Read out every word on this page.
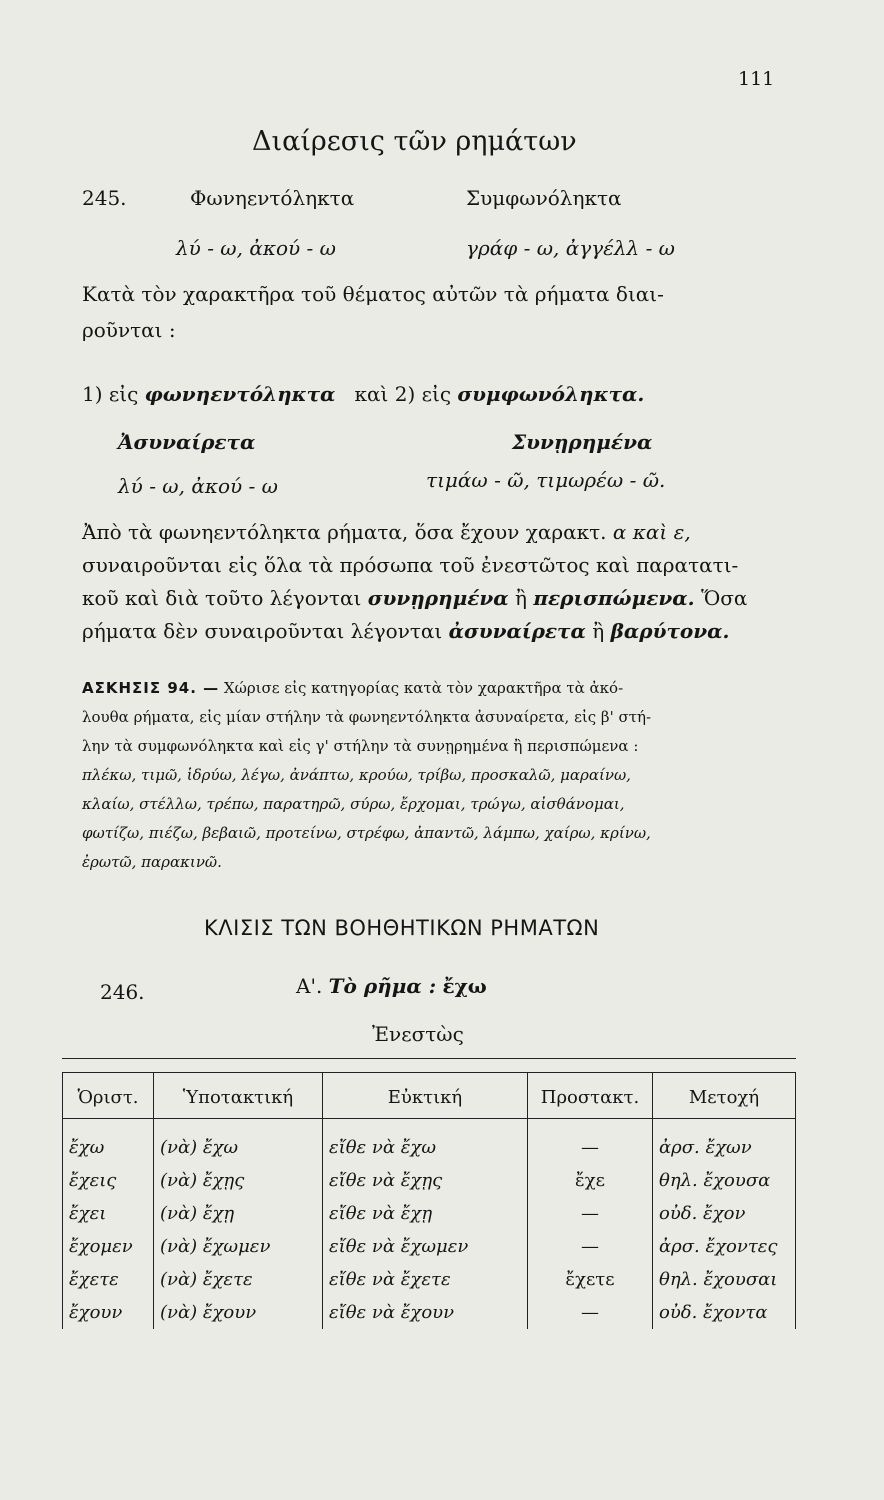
111
Διαίρεσις τῶν ρημάτων
245.	Φωνηεντόληκτα	Συμφωνόληκτα
λύ - ω, ἀκού - ω	γράφ - ω, ἀγγέλλ - ω
Κατὰ τὸν χαρακτῆρα τοῦ θέματος αὐτῶν τὰ ρήματα διαι-
ροῦνται :
1) εἰς φωνηεντόληκτα καὶ 2) εἰς συμφωνόληκτα.
Ἀσυναίρετα	Συνῃρημένα
λύ - ω, ἀκού - ω	τιμάω - ῶ, τιμωρέω - ῶ.
Ἀπὸ τὰ φωνηεντόληκτα ρήματα, ὅσα ἔχουν χαρακτ. α καὶ ε,
συναιροῦνται εἰς ὅλα τὰ πρόσωπα τοῦ ἐνεστῶτος καὶ παρατατι-
κοῦ καὶ διὰ τοῦτο λέγονται συνῃρημένα ἢ περισπώμενα. Ὅσα
ρήματα δὲν συναιροῦνται λέγονται ἀσυναίρετα ἢ βαρύτονα.
ΑΣΚΗΣΙΣ 94. — Χώρισε εἰς κατηγορίας κατὰ τὸν χαρακτῆρα τὰ ἀκό-
λουθα ρήματα, εἰς μίαν στήλην τὰ φωνηεντόληκτα ἀσυναίρετα, εἰς β' στή-
λην τὰ συμφωνόληκτα καὶ εἰς γ' στήλην τὰ συνῃρημένα ἢ περισπώμενα :
πλέκω, τιμῶ, ἱδρύω, λέγω, ἀνάπτω, κρούω, τρίβω, προσκαλῶ, μαραίνω,
κλαίω, στέλλω, τρέπω, παρατηρῶ, σύρω, ἔρχομαι, τρώγω, αἰσθάνομαι,
φωτίζω, πιέζω, βεβαιῶ, προτείνω, στρέφω, ἀπαντῶ, λάμπω, χαίρω, κρίνω,
ἐρωτῶ, παρακινῶ.
ΚΛΙΣΙΣ ΤΩΝ ΒΟΗΘΗΤΙΚΩΝ ΡΗΜΑΤΩΝ
246.	Α'. Τὸ ρῆμα : ἔχω
Ἐνεστὼς
Ὁριστ.	Ὑποτακτική	Εὐκτική	Προστακτ.	Μετοχή
ἔχω	(νὰ) ἔχω	εἴθε νὰ ἔχω	—	ἀρσ. ἔχων
ἔχεις	(νὰ) ἔχῃς	εἴθε νὰ ἔχῃς	ἔχε	θηλ. ἔχουσα
ἔχει	(νὰ) ἔχῃ	εἴθε νὰ ἔχῃ	—	οὐδ. ἔχον
ἔχομεν	(νὰ) ἔχωμεν	εἴθε νὰ ἔχωμεν	—	ἀρσ. ἔχοντες
ἔχετε	(νὰ) ἔχετε	εἴθε νὰ ἔχετε	ἔχετε	θηλ. ἔχουσαι
ἔχουν	(νὰ) ἔχουν	εἴθε νὰ ἔχουν	—	οὐδ. ἔχοντα
